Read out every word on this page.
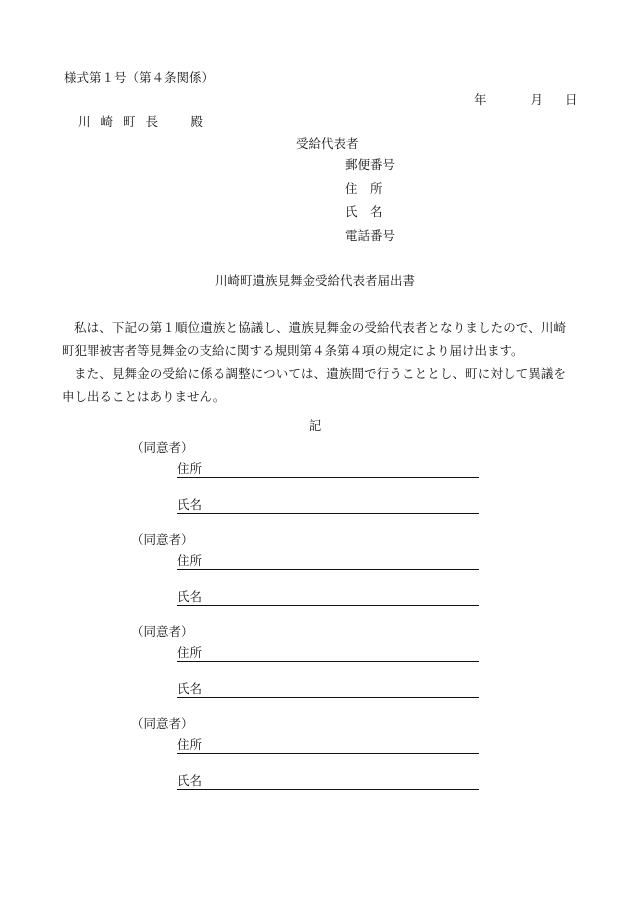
様式第１号（第４条関係）
年	月 日
川崎町長　殿
受給代表者
郵便番号
住　所
氏　名
電話番号
川崎町遺族見舞金受給代表者届出書

私は、下記の第１順位遺族と協議し、遺族見舞金の受給代表者となりましたので、川崎町犯罪被害者等見舞金の支給に関する規則第４条第４項の規定により届け出ます。

また、見舞金の受給に係る調整については、遺族間で行うこととし、町に対して異議を申し出ることはありません。

記
（同意者）
住所
氏名
（同意者）
住所
氏名
（同意者）
住所
氏名
（同意者）
住所
氏名
